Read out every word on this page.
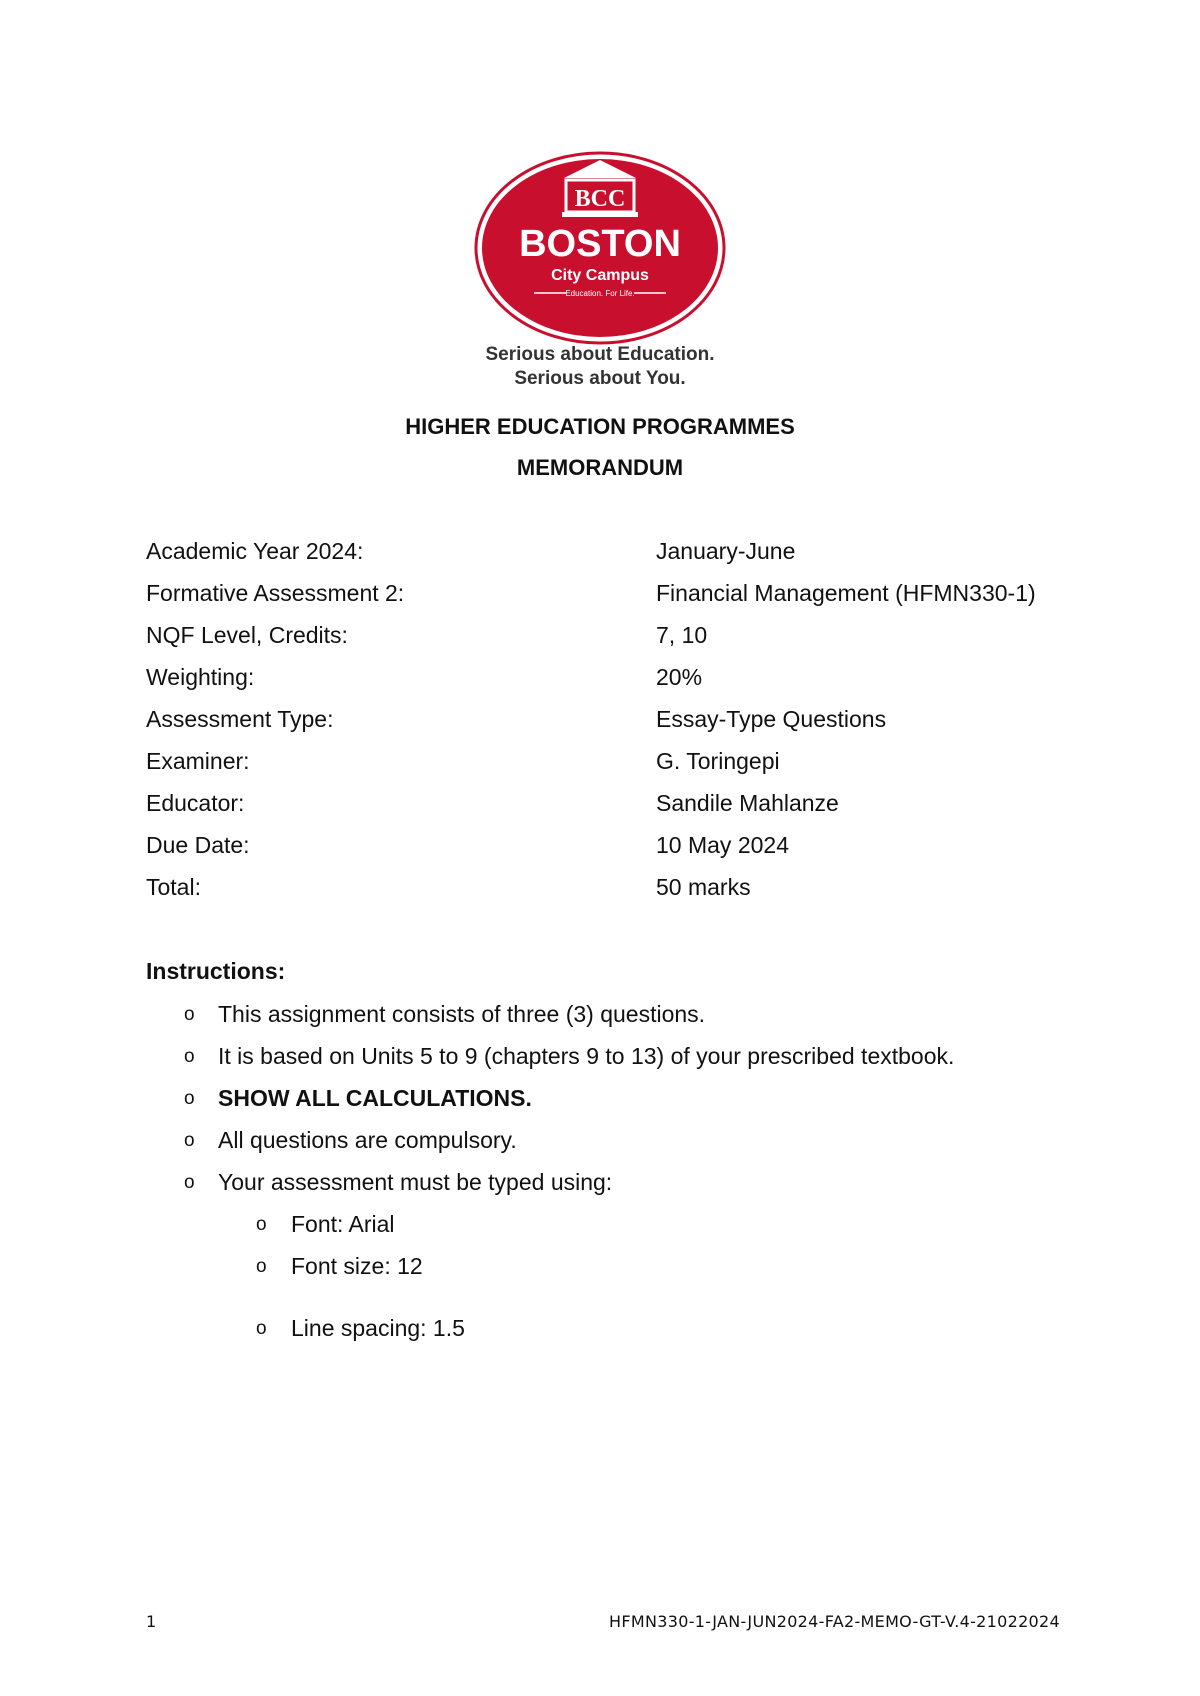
BCC
BOSTON
City Campus
Education. For Life.
Serious about Education.
Serious about You.
HIGHER EDUCATION PROGRAMMES
MEMORANDUM
Academic Year 2024:	January-June
Formative Assessment 2:	Financial Management (HFMN330-1)
NQF Level, Credits:	7, 10
Weighting:	20%
Assessment Type:	Essay-Type Questions
Examiner:	G. Toringepi
Educator:	Sandile Mahlanze
Due Date:	10 May 2024
Total:	50 marks
Instructions:
o This assignment consists of three (3) questions.
o It is based on Units 5 to 9 (chapters 9 to 13) of your prescribed textbook.
o SHOW ALL CALCULATIONS.
o All questions are compulsory.
o Your assessment must be typed using:
o Font: Arial
o Font size: 12
o Line spacing: 1.5
1	HFMN330-1-JAN-JUN2024-FA2-MEMO-GT-V.4-21022024
